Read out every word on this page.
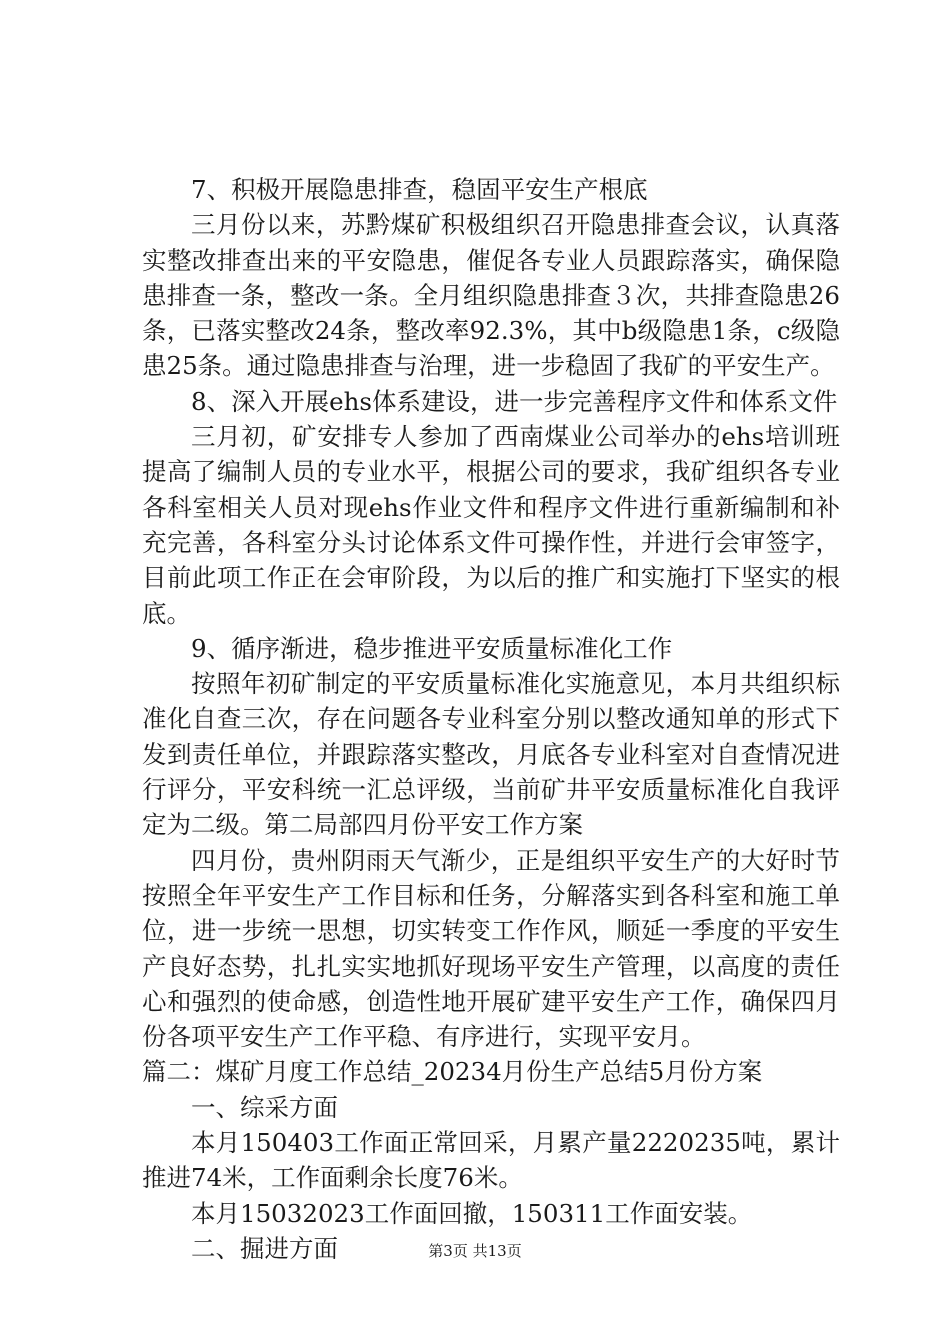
7、积极开展隐患排查，稳固平安生产根底

三月份以来，苏黔煤矿积极组织召开隐患排查会议，认真落实整改排查出来的平安隐患，催促各专业人员跟踪落实，确保隐患排查一条，整改一条。全月组织隐患排查３次，共排查隐患26条，已落实整改24条，整改率92.3%，其中b级隐患1条，c级隐患25条。通过隐患排查与治理，进一步稳固了我矿的平安生产。

8、深入开展ehs体系建设，进一步完善程序文件和体系文件

三月初，矿安排专人参加了西南煤业公司举办的ehs培训班提高了编制人员的专业水平，根据公司的要求，我矿组织各专业各科室相关人员对现ehs作业文件和程序文件进行重新编制和补充完善，各科室分头讨论体系文件可操作性，并进行会审签字，目前此项工作正在会审阶段，为以后的推广和实施打下坚实的根底。

9、循序渐进，稳步推进平安质量标准化工作

按照年初矿制定的平安质量标准化实施意见，本月共组织标准化自查三次，存在问题各专业科室分别以整改通知单的形式下发到责任单位，并跟踪落实整改，月底各专业科室对自查情况进行评分，平安科统一汇总评级，当前矿井平安质量标准化自我评定为二级。第二局部四月份平安工作方案

四月份，贵州阴雨天气渐少，正是组织平安生产的大好时节按照全年平安生产工作目标和任务，分解落实到各科室和施工单位，进一步统一思想，切实转变工作作风，顺延一季度的平安生产良好态势，扎扎实实地抓好现场平安生产管理，以高度的责任心和强烈的使命感，创造性地开展矿建平安生产工作，确保四月份各项平安生产工作平稳、有序进行，实现平安月。

篇二：煤矿月度工作总结_20234月份生产总结5月份方案

一、综采方面

本月150403工作面正常回采，月累产量2220235吨，累计推进74米，工作面剩余长度76米。

本月15032023工作面回撤，150311工作面安装。

二、掘进方面	第3页 共13页
